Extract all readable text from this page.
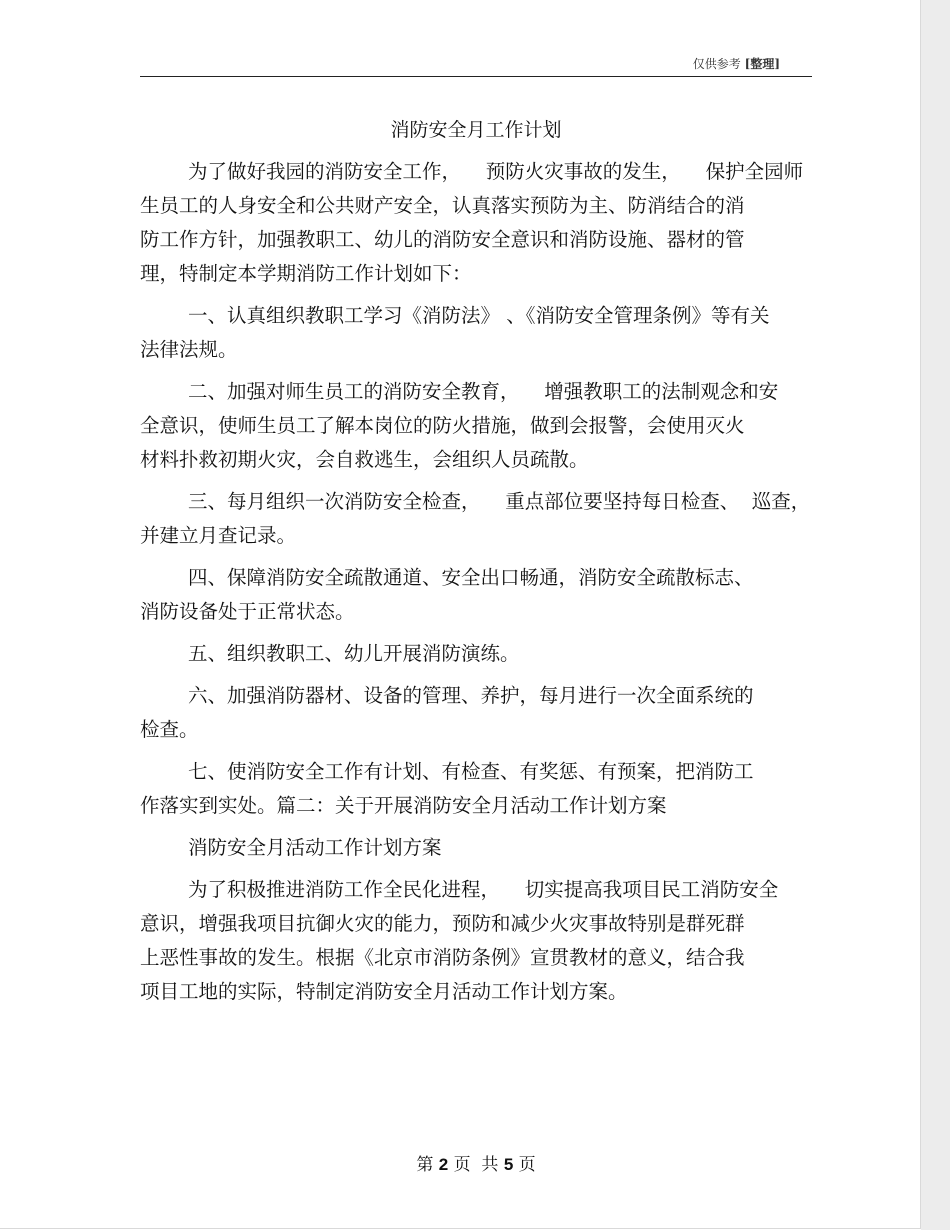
仅供参考 [整理]
消防安全月工作计划
为了做好我园的消防安全工作，    预防火灾事故的发生，    保护全园师
生员工的人身安全和公共财产安全，认真落实预防为主、防消结合的消
防工作方针，加强教职工、幼儿的消防安全意识和消防设施、器材的管
理，特制定本学期消防工作计划如下：
一、认真组织教职工学习《消防法》 、《消防安全管理条例》等有关
法律法规。
二、加强对师生员工的消防安全教育，    增强教职工的法制观念和安
全意识，使师生员工了解本岗位的防火措施，做到会报警，会使用灭火
材料扑救初期火灾，会自救逃生，会组织人员疏散。
三、每月组织一次消防安全检查，    重点部位要坚持每日检查、  巡查，
并建立月查记录。
四、保障消防安全疏散通道、安全出口畅通，消防安全疏散标志、
消防设备处于正常状态。
五、组织教职工、幼儿开展消防演练。
六、加强消防器材、设备的管理、养护，每月进行一次全面系统的
检查。
七、使消防安全工作有计划、有检查、有奖惩、有预案，把消防工
作落实到实处。篇二：关于开展消防安全月活动工作计划方案
消防安全月活动工作计划方案
为了积极推进消防工作全民化进程，    切实提高我项目民工消防安全
意识，增强我项目抗御火灾的能力，预防和减少火灾事故特别是群死群
上恶性事故的发生。根据《北京市消防条例》宣贯教材的意义，结合我
项目工地的实际，特制定消防安全月活动工作计划方案。
第 2 页  共 5 页
